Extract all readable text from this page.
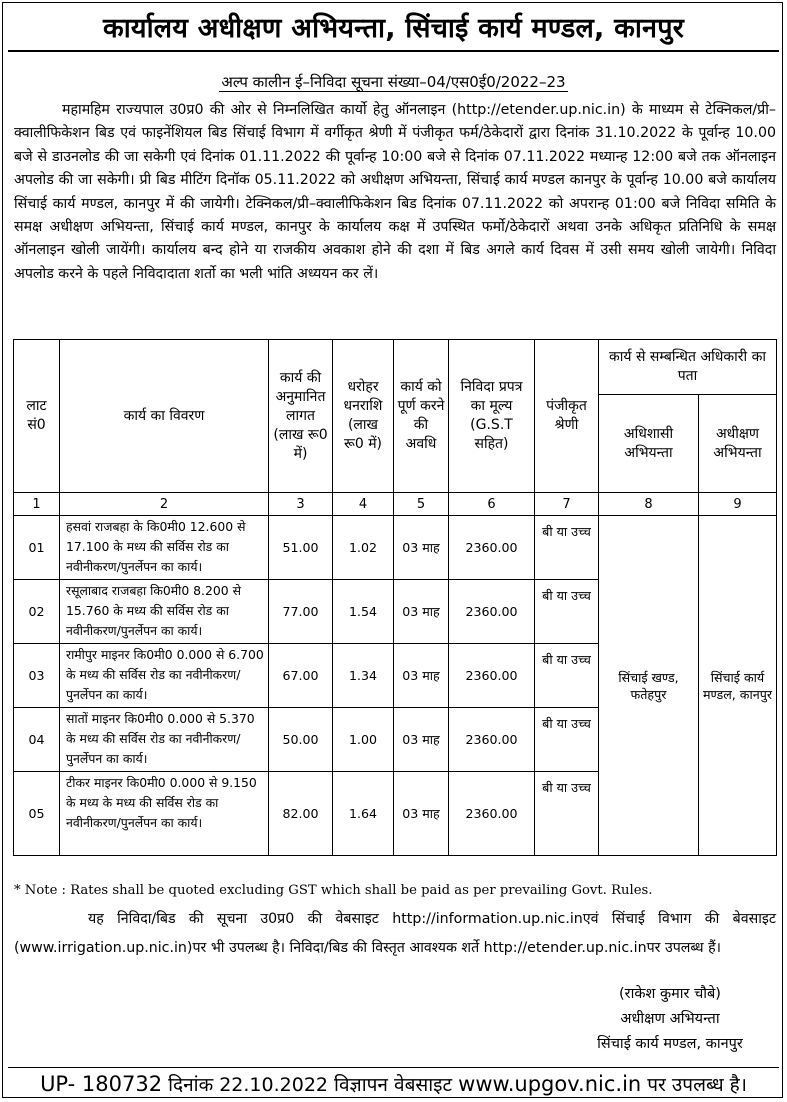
कार्यालय अधीक्षण अभियन्ता, सिंचाई कार्य मण्डल, कानपुर
अल्प कालीन ई–निविदा सूचना संख्या–04/एस0ई0/2022–23

महामहिम राज्यपाल उ0प्र0 की ओर से निम्नलिखित कार्यो हेतु ऑनलाइन (http://etender.up.nic.in) के माध्यम से टेक्निकल/प्री–क्वालीफिकेशन बिड एवं फाइनेंशियल बिड सिंचाई विभाग में वर्गीकृत श्रेणी में पंजीकृत फर्म/ठेकेदारों द्वारा दिनांक 31.10.2022 के पूर्वान्ह 10.00 बजे से डाउनलोड की जा सकेगी एवं दिनांक 01.11.2022 की पूर्वान्ह 10:00 बजे से दिनांक 07.11.2022 मध्यान्ह 12:00 बजे तक ऑनलाइन अपलोड की जा सकेगी। प्री बिड मीटिंग दिनॉक 05.11.2022 को अधीक्षण अभियन्ता, सिंचाई कार्य मण्डल कानपुर के पूर्वान्ह 10.00 बजे कार्यालय सिंचाई कार्य मण्डल, कानपुर में की जायेगी। टेक्निकल/प्री–क्वालीफिकेशन बिड दिनांक 07.11.2022 को अपरान्ह 01:00 बजे निविदा समिति के समक्ष अधीक्षण अभियन्ता, सिंचाई कार्य मण्डल, कानपुर के कार्यालय कक्ष में उपस्थित फर्मो/ठेकेदारों अथवा उनके अधिकृत प्रतिनिधि के समक्ष ऑनलाइन खोली जायेंगी। कार्यालय बन्द होने या राजकीय अवकाश होने की दशा में बिड अगले कार्य दिवस में उसी समय खोली जायेगी। निविदा अपलोड करने के पहले निविदादाता शर्तो का भली भांति अध्ययन कर लें।

लाट सं0	कार्य का विवरण	कार्य की अनुमानित लागत (लाख रू0 में)	धरोहर धनराशि (लाख रू0 में)	कार्य को पूर्ण करने की अवधि	निविदा प्रपत्र का मूल्य (G.S.T सहित)	पंजीकृत श्रेणी	कार्य से सम्बन्धित अधिकारी का पता	
							अधिशासी अभियन्ता	अधीक्षण अभियन्ता
1	2	3	4	5	6	7	8	9
01	हसवां राजबहा के कि0मी0 12.600 से 17.100 के मध्य की सर्विस रोड का नवीनीकरण/पुनर्लेपन का कार्य।	51.00	1.02	03 माह	2360.00	बी या उच्च	सिंचाई खण्ड, फतेहपुर	सिंचाई कार्य मण्डल, कानपुर
02	रसूलाबाद राजबहा कि0मी0 8.200 से 15.760 के मध्य की सर्विस रोड का नवीनीकरण/पुनर्लेपन का कार्य।	77.00	1.54	03 माह	2360.00	बी या उच्च		
03	रामीपुर माइनर कि0मी0 0.000 से 6.700 के मध्य की सर्विस रोड का नवीनीकरण/पुनर्लेपन का कार्य।	67.00	1.34	03 माह	2360.00	बी या उच्च		
04	सातों माइनर कि0मी0 0.000 से 5.370 के मध्य की सर्विस रोड का नवीनीकरण/पुनर्लेपन का कार्य।	50.00	1.00	03 माह	2360.00	बी या उच्च		
05	टीकर माइनर कि0मी0 0.000 से 9.150 के मध्य के मध्य की सर्विस रोड का नवीनीकरण/पुनर्लेपन का कार्य।	82.00	1.64	03 माह	2360.00	बी या उच्च		

* Note : Rates shall be quoted excluding GST which shall be paid as per prevailing Govt. Rules.

यह निविदा/बिड की सूचना उ0प्र0 की वेबसाइट http://information.up.nic.inएवं सिंचाई विभाग की बेवसाइट (www.irrigation.up.nic.in)पर भी उपलब्ध है। निविदा/बिड की विस्तृत आवश्यक शर्ते http://etender.up.nic.inपर उपलब्ध हैं।

(राकेश कुमार चौबे)
अधीक्षण अभियन्ता
सिंचाई कार्य मण्डल, कानपुर
UP- 180732 दिनांक 22.10.2022 विज्ञापन वेबसाइट www.upgov.nic.in पर उपलब्ध है।
